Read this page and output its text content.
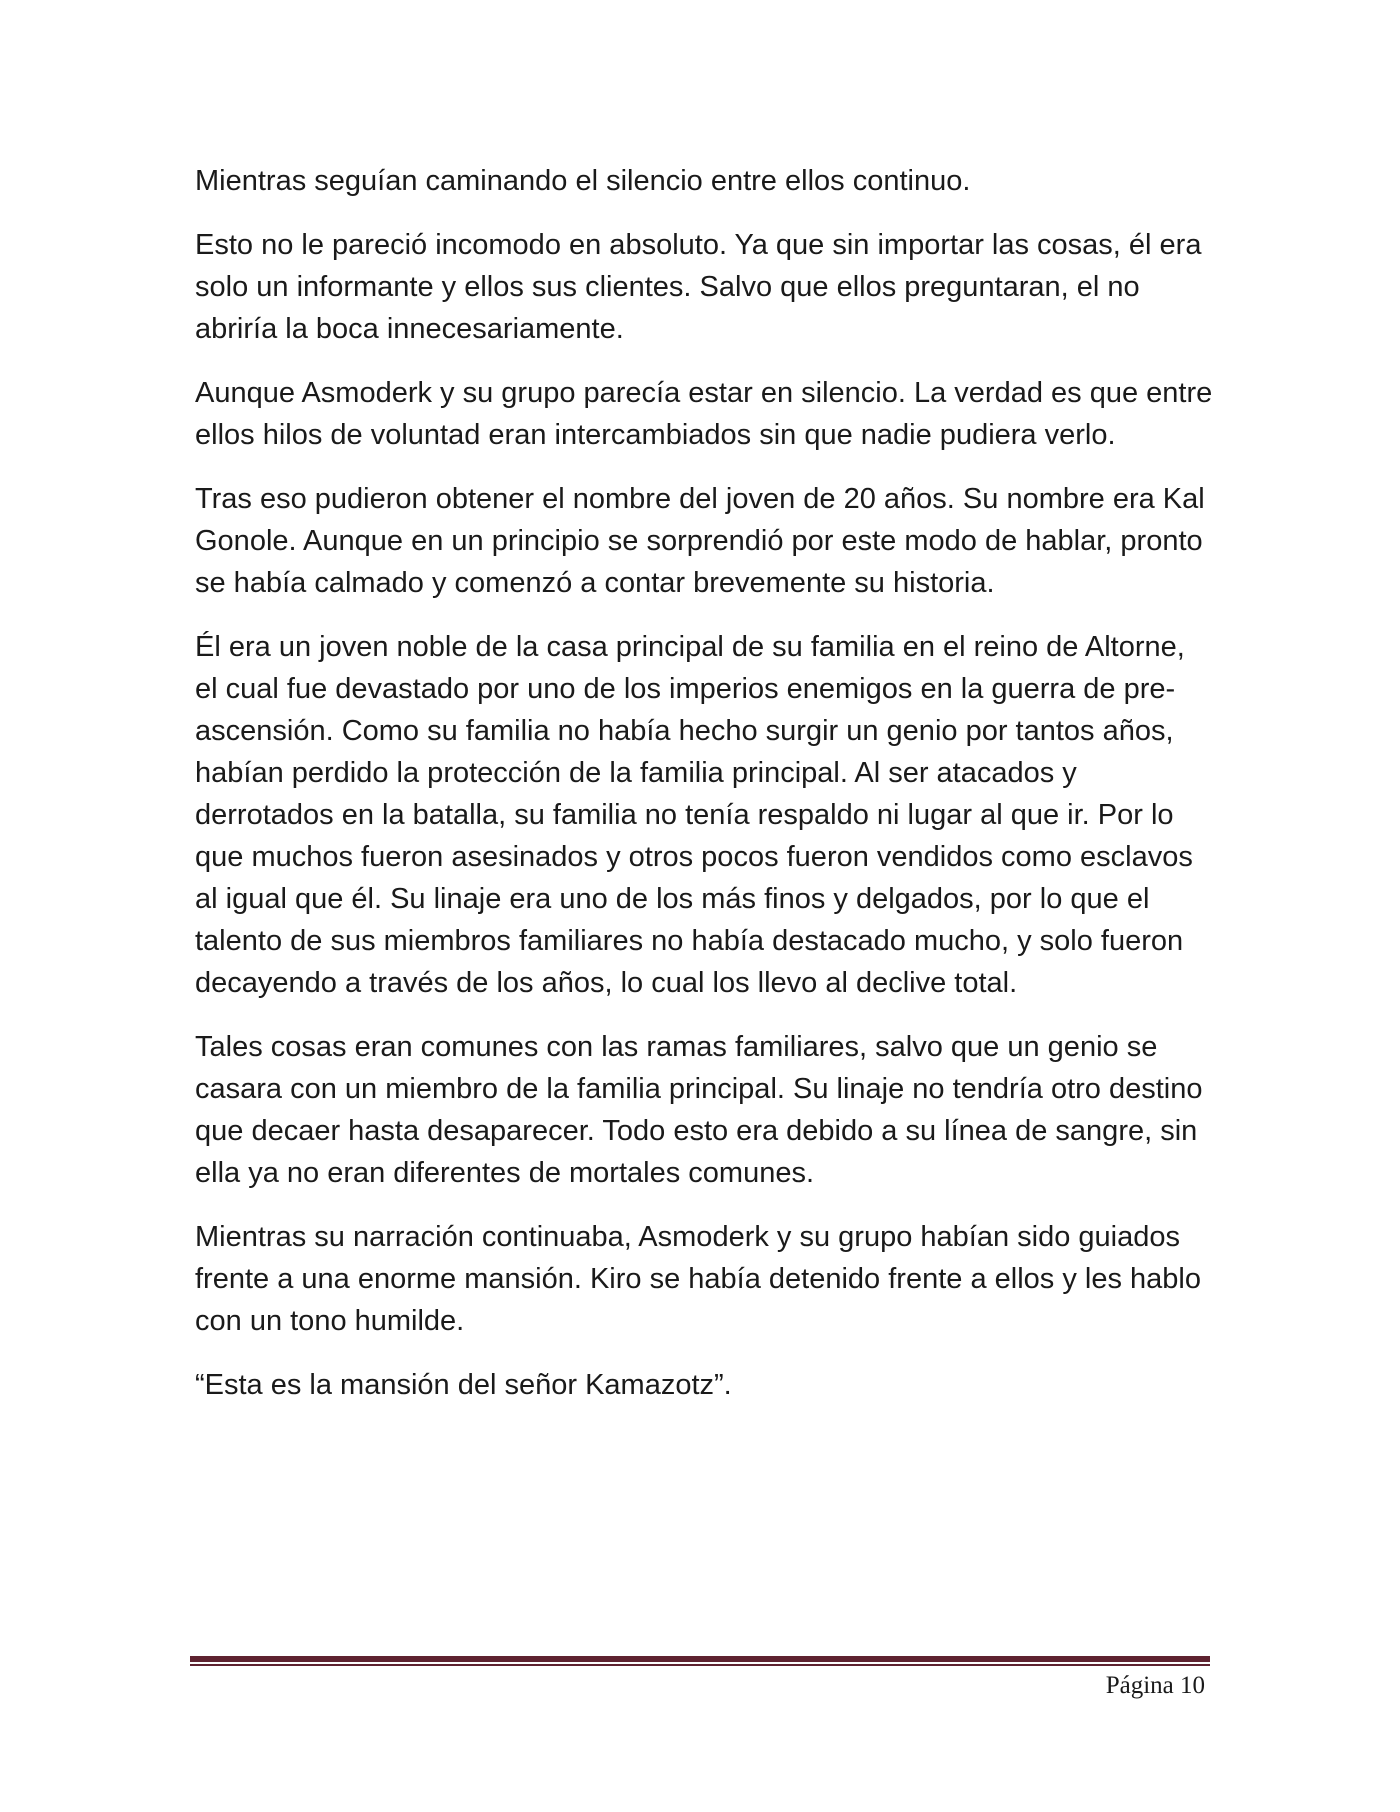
Mientras seguían caminando el silencio entre ellos continuo.

Esto no le pareció incomodo en absoluto. Ya que sin importar las cosas, él era solo un informante y ellos sus clientes. Salvo que ellos preguntaran, el no abriría la boca innecesariamente.

Aunque Asmoderk y su grupo parecía estar en silencio. La verdad es que entre ellos hilos de voluntad eran intercambiados sin que nadie pudiera verlo.

Tras eso pudieron obtener el nombre del joven de 20 años. Su nombre era Kal Gonole. Aunque en un principio se sorprendió por este modo de hablar, pronto se había calmado y comenzó a contar brevemente su historia.

Él era un joven noble de la casa principal de su familia en el reino de Altorne, el cual fue devastado por uno de los imperios enemigos en la guerra de pre-ascensión. Como su familia no había hecho surgir un genio por tantos años, habían perdido la protección de la familia principal. Al ser atacados y derrotados en la batalla, su familia no tenía respaldo ni lugar al que ir. Por lo que muchos fueron asesinados y otros pocos fueron vendidos como esclavos al igual que él. Su linaje era uno de los más finos y delgados, por lo que el talento de sus miembros familiares no había destacado mucho, y solo fueron decayendo a través de los años, lo cual los llevo al declive total.

Tales cosas eran comunes con las ramas familiares, salvo que un genio se casara con un miembro de la familia principal. Su linaje no tendría otro destino que decaer hasta desaparecer. Todo esto era debido a su línea de sangre, sin ella ya no eran diferentes de mortales comunes.

Mientras su narración continuaba, Asmoderk y su grupo habían sido guiados frente a una enorme mansión. Kiro se había detenido frente a ellos y les hablo con un tono humilde.

“Esta es la mansión del señor Kamazotz”.

Página 10
